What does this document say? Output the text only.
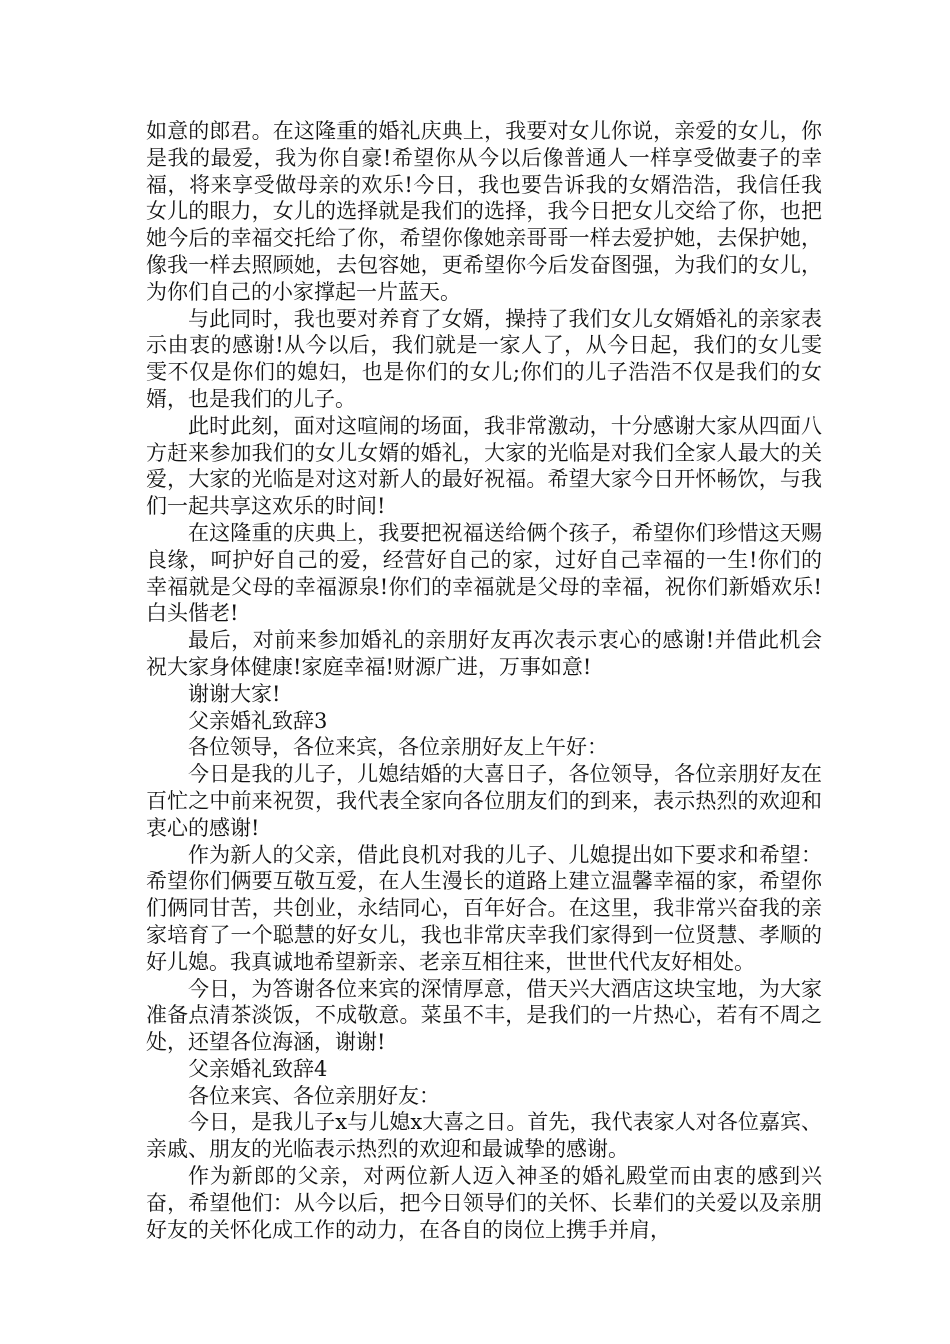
如意的郎君。在这隆重的婚礼庆典上，我要对女儿你说，亲爱的女儿，你是我的最爱，我为你自豪!希望你从今以后像普通人一样享受做妻子的幸福，将来享受做母亲的欢乐!今日，我也要告诉我的女婿浩浩，我信任我女儿的眼力，女儿的选择就是我们的选择，我今日把女儿交给了你，也把她今后的幸福交托给了你，希望你像她亲哥哥一样去爱护她，去保护她，像我一样去照顾她，去包容她，更希望你今后发奋图强，为我们的女儿，为你们自己的小家撑起一片蓝天。

与此同时，我也要对养育了女婿，操持了我们女儿女婿婚礼的亲家表示由衷的感谢!从今以后，我们就是一家人了，从今日起，我们的女儿雯雯不仅是你们的媳妇，也是你们的女儿;你们的儿子浩浩不仅是我们的女婿，也是我们的儿子。

此时此刻，面对这喧闹的场面，我非常激动，十分感谢大家从四面八方赶来参加我们的女儿女婿的婚礼，大家的光临是对我们全家人最大的关爱，大家的光临是对这对新人的最好祝福。希望大家今日开怀畅饮，与我们一起共享这欢乐的时间!

在这隆重的庆典上，我要把祝福送给俩个孩子，希望你们珍惜这天赐良缘，呵护好自己的爱，经营好自己的家，过好自己幸福的一生!你们的幸福就是父母的幸福源泉!你们的幸福就是父母的幸福，祝你们新婚欢乐!白头偕老!

最后，对前来参加婚礼的亲朋好友再次表示衷心的感谢!并借此机会祝大家身体健康!家庭幸福!财源广进，万事如意!

谢谢大家!

父亲婚礼致辞3

各位领导，各位来宾，各位亲朋好友上午好：

今日是我的儿子，儿媳结婚的大喜日子，各位领导，各位亲朋好友在百忙之中前来祝贺，我代表全家向各位朋友们的到来，表示热烈的欢迎和衷心的感谢!

作为新人的父亲，借此良机对我的儿子、儿媳提出如下要求和希望：希望你们俩要互敬互爱，在人生漫长的道路上建立温馨幸福的家，希望你们俩同甘苦，共创业，永结同心，百年好合。在这里，我非常兴奋我的亲家培育了一个聪慧的好女儿，我也非常庆幸我们家得到一位贤慧、孝顺的好儿媳。我真诚地希望新亲、老亲互相往来，世世代代友好相处。

今日，为答谢各位来宾的深情厚意，借天兴大酒店这块宝地，为大家准备点清茶淡饭，不成敬意。菜虽不丰，是我们的一片热心，若有不周之处，还望各位海涵，谢谢!

父亲婚礼致辞4

各位来宾、各位亲朋好友：

今日，是我儿子x与儿媳x大喜之日。首先，我代表家人对各位嘉宾、亲戚、朋友的光临表示热烈的欢迎和最诚挚的感谢。

作为新郎的父亲，对两位新人迈入神圣的婚礼殿堂而由衷的感到兴奋，希望他们：从今以后，把今日领导们的关怀、长辈们的关爱以及亲朋好友的关怀化成工作的动力，在各自的岗位上携手并肩，
